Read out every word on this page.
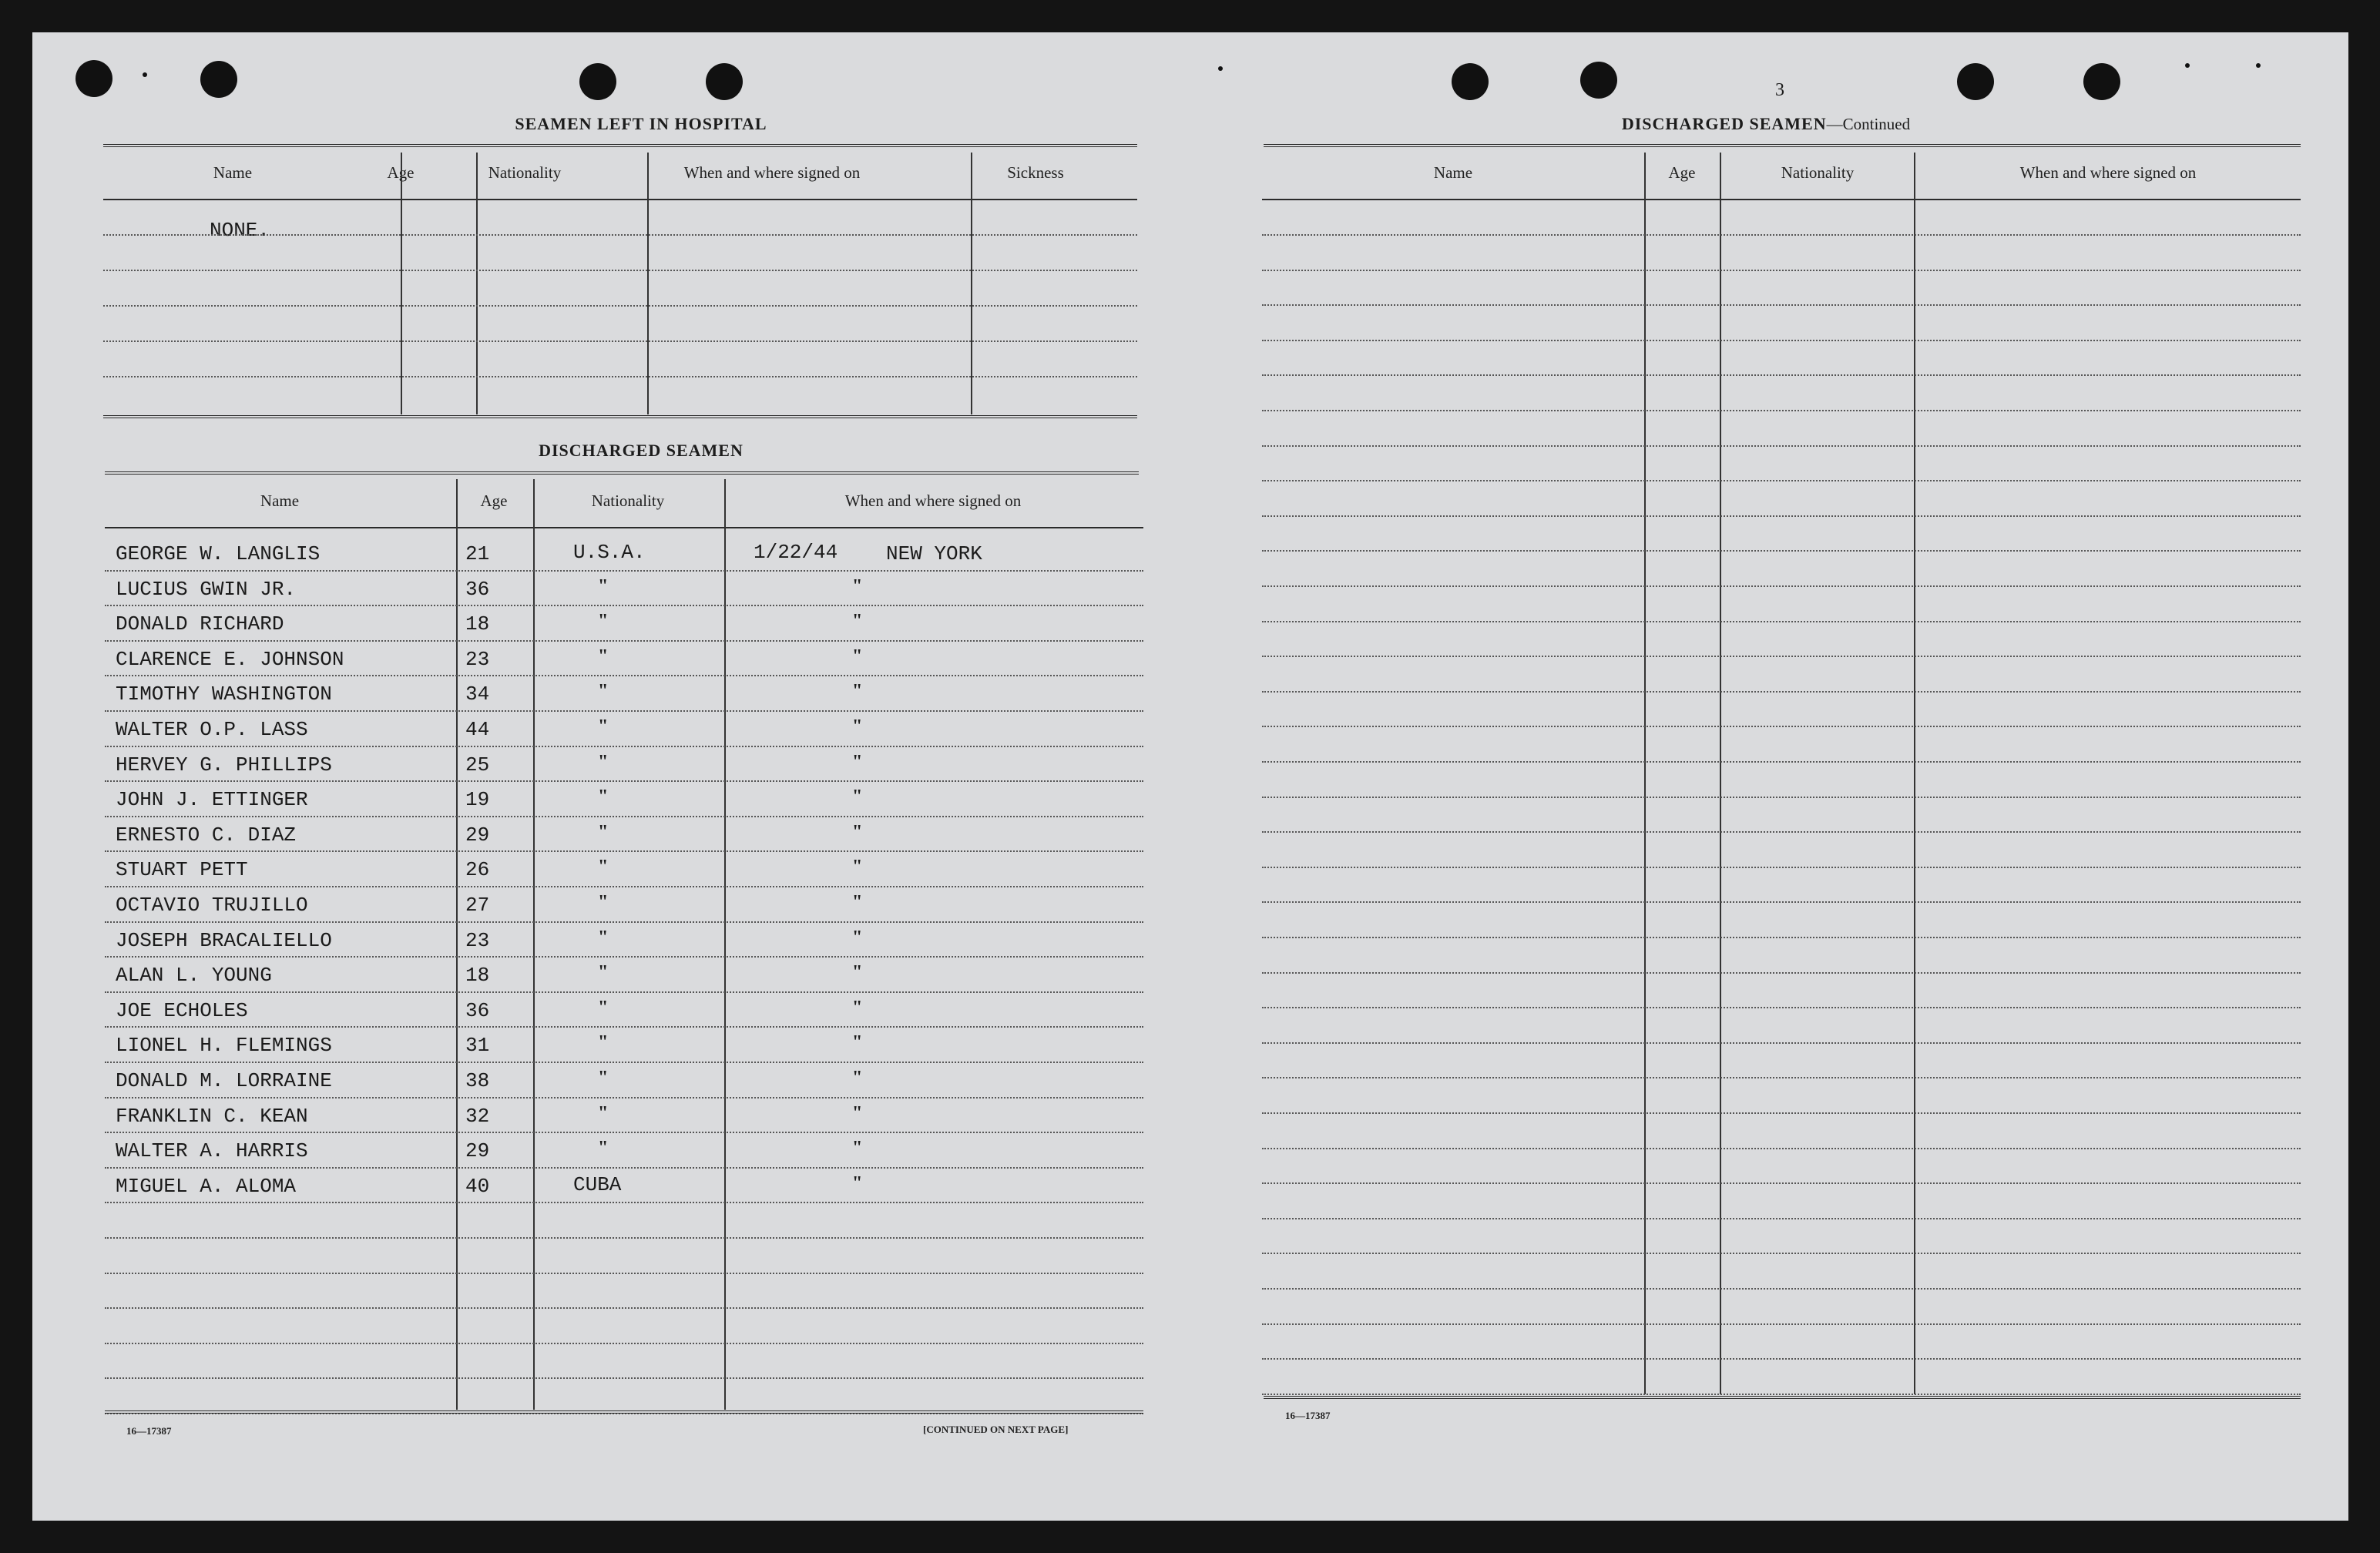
SEAMEN LEFT IN HOSPITAL
Name	Age	Nationality	When and where signed on	Sickness
NONE.
DISCHARGED SEAMEN
Name	Age	Nationality	When and where signed on
GEORGE W. LANGLIS	21	U.S.A.	1/22/44 NEW YORK
LUCIUS GWIN JR.	36	"	"
DONALD RICHARD	18	"	"
CLARENCE E. JOHNSON	23	"	"
TIMOTHY WASHINGTON	34	"	"
WALTER O.P. LASS	44	"	"
HERVEY G. PHILLIPS	25	"	"
JOHN J. ETTINGER	19	"	"
ERNESTO C. DIAZ	29	"	"
STUART PETT	26	"	"
OCTAVIO TRUJILLO	27	"	"
JOSEPH BRACALIELLO	23	"	"
ALAN L. YOUNG	18	"	"
JOE ECHOLES	36	"	"
LIONEL H. FLEMINGS	31	"	"
DONALD M. LORRAINE	38	"	"
FRANKLIN C. KEAN	32	"	"
WALTER A. HARRIS	29	"	"
MIGUEL A. ALOMA	40	CUBA	"
16—17387	[CONTINUED ON NEXT PAGE]
3
DISCHARGED SEAMEN—Continued
Name	Age	Nationality	When and where signed on
16—17387
